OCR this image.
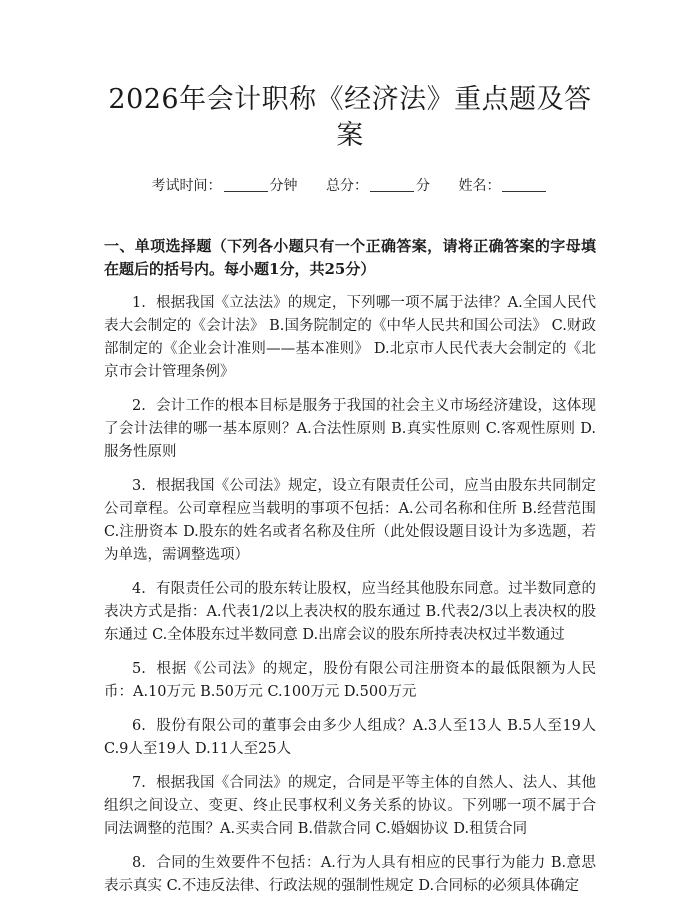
2026年会计职称《经济法》重点题及答案
考试时间：	分钟 总分：	分 姓名：
一、单项选择题（下列各小题只有一个正确答案，请将正确答案的字母填在题后的括号内。每小题1分，共25分）
1. 根据我国《立法法》的规定，下列哪一项不属于法律？A.全国人民代表大会制定的《会计法》 B.国务院制定的《中华人民共和国公司法》 C.财政部制定的《企业会计准则——基本准则》 D.北京市人民代表大会制定的《北京市会计管理条例》
2. 会计工作的根本目标是服务于我国的社会主义市场经济建设，这体现了会计法律的哪一基本原则？A.合法性原则 B.真实性原则 C.客观性原则 D.服务性原则
3. 根据我国《公司法》规定，设立有限责任公司，应当由股东共同制定公司章程。公司章程应当载明的事项不包括：A.公司名称和住所 B.经营范围 C.注册资本 D.股东的姓名或者名称及住所（此处假设题目设计为多选题，若为单选，需调整选项）
4. 有限责任公司的股东转让股权，应当经其他股东同意。过半数同意的表决方式是指：A.代表1/2以上表决权的股东通过 B.代表2/3以上表决权的股东通过 C.全体股东过半数同意 D.出席会议的股东所持表决权过半数通过
5. 根据《公司法》的规定，股份有限公司注册资本的最低限额为人民币：A.10万元 B.50万元 C.100万元 D.500万元
6. 股份有限公司的董事会由多少人组成？A.3人至13人 B.5人至19人 C.9人至19人 D.11人至25人
7. 根据我国《合同法》的规定，合同是平等主体的自然人、法人、其他组织之间设立、变更、终止民事权利义务关系的协议。下列哪一项不属于合同法调整的范围？A.买卖合同 B.借款合同 C.婚姻协议 D.租赁合同
8. 合同的生效要件不包括：A.行为人具有相应的民事行为能力 B.意思表示真实 C.不违反法律、行政法规的强制性规定 D.合同标的必须具体确定
